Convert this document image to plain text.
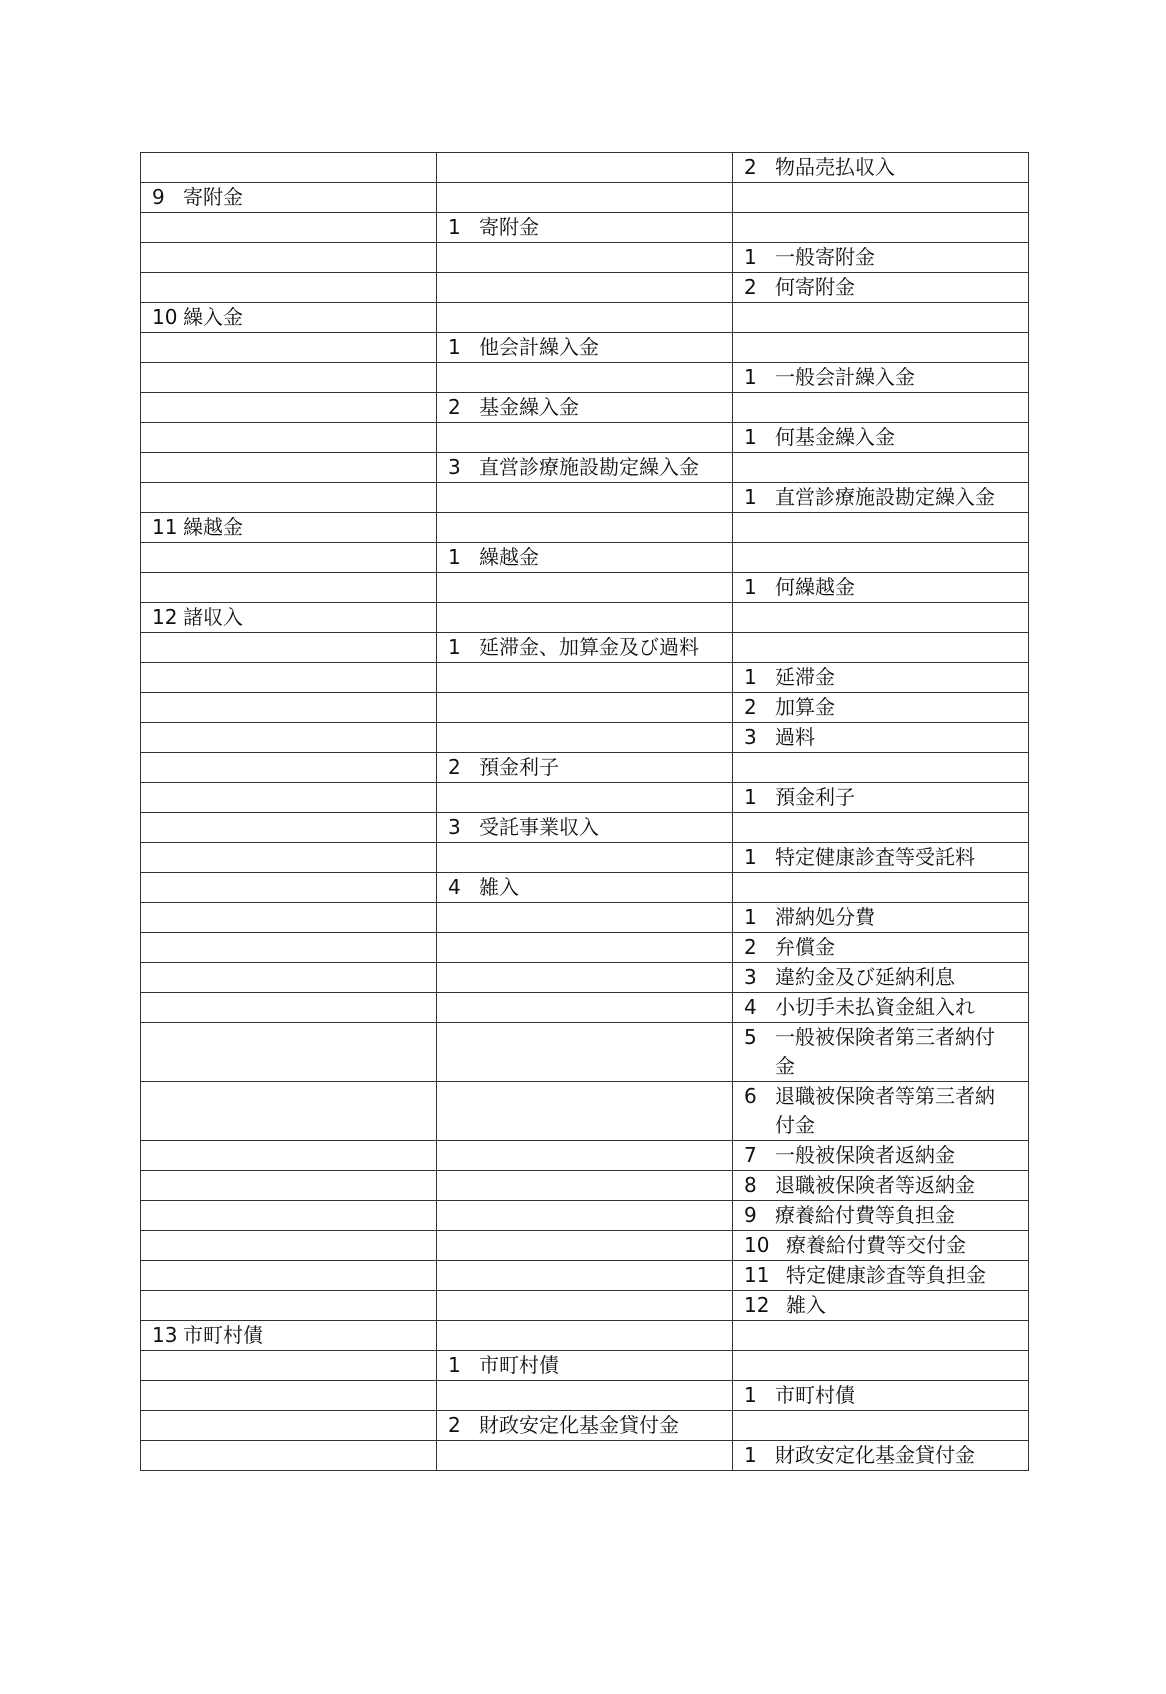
		2 物品売払収入

9 寄附金		

	1 寄附金	

		1 一般寄附金

		2 何寄附金

10 繰入金		

	1 他会計繰入金	

		1 一般会計繰入金

	2 基金繰入金	

		1 何基金繰入金

	3 直営診療施設勘定繰入金	

		1 直営診療施設勘定繰入金

11 繰越金		

	1 繰越金	

		1 何繰越金

12 諸収入		

	1 延滞金、加算金及び過料	

		1 延滞金

		2 加算金

		3 過料

	2 預金利子	

		1 預金利子

	3 受託事業収入	

		1 特定健康診査等受託料

	4 雑入	

		1 滞納処分費

		2 弁償金

		3 違約金及び延納利息

		4 小切手未払資金組入れ

		5 一般被保険者第三者納付金

		6 退職被保険者等第三者納付金

		7 一般被保険者返納金

		8 退職被保険者等返納金

		9 療養給付費等負担金

		10 療養給付費等交付金

		11 特定健康診査等負担金

		12 雑入

13 市町村債		

	1 市町村債	

		1 市町村債

	2 財政安定化基金貸付金	

		1 財政安定化基金貸付金
